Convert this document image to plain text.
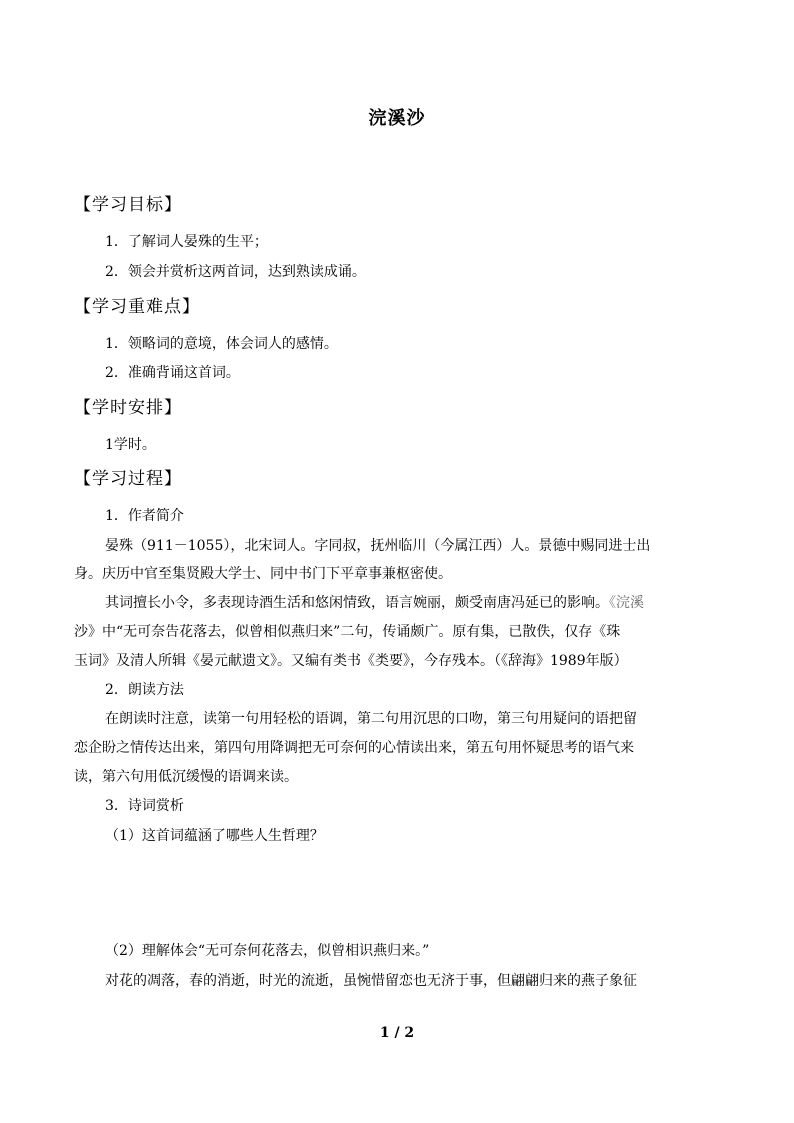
浣溪沙
【学习目标】
1．了解词人晏殊的生平；
2．领会并赏析这两首词，达到熟读成诵。
【学习重难点】
1．领略词的意境，体会词人的感情。
2．准确背诵这首词。
【学时安排】
1学时。
【学习过程】
1．作者简介
晏殊（911－1055），北宋词人。字同叔，抚州临川（今属江西）人。景德中赐同进士出
身。庆历中官至集贤殿大学士、同中书门下平章事兼枢密使。
其词擅长小令，多表现诗酒生活和悠闲情致，语言婉丽，颇受南唐冯延已的影响。《浣溪
沙》中“无可奈告花落去，似曾相似燕归来”二句，传诵颇广。原有集，已散佚，仅存《珠
玉词》及清人所辑《晏元献遗文》。又编有类书《类要》，今存残本。（《辞海》1989年版）
2．朗读方法
在朗读时注意，读第一句用轻松的语调，第二句用沉思的口吻，第三句用疑问的语把留
恋企盼之情传达出来，第四句用降调把无可奈何的心情读出来，第五句用怀疑思考的语气来
读，第六句用低沉缓慢的语调来读。
3．诗词赏析
（1）这首词蕴涵了哪些人生哲理？
（2）理解体会“无可奈何花落去，似曾相识燕归来。”
对花的凋落，春的消逝，时光的流逝，虽惋惜留恋也无济于事，但翩翩归来的燕子象征
1 / 2
